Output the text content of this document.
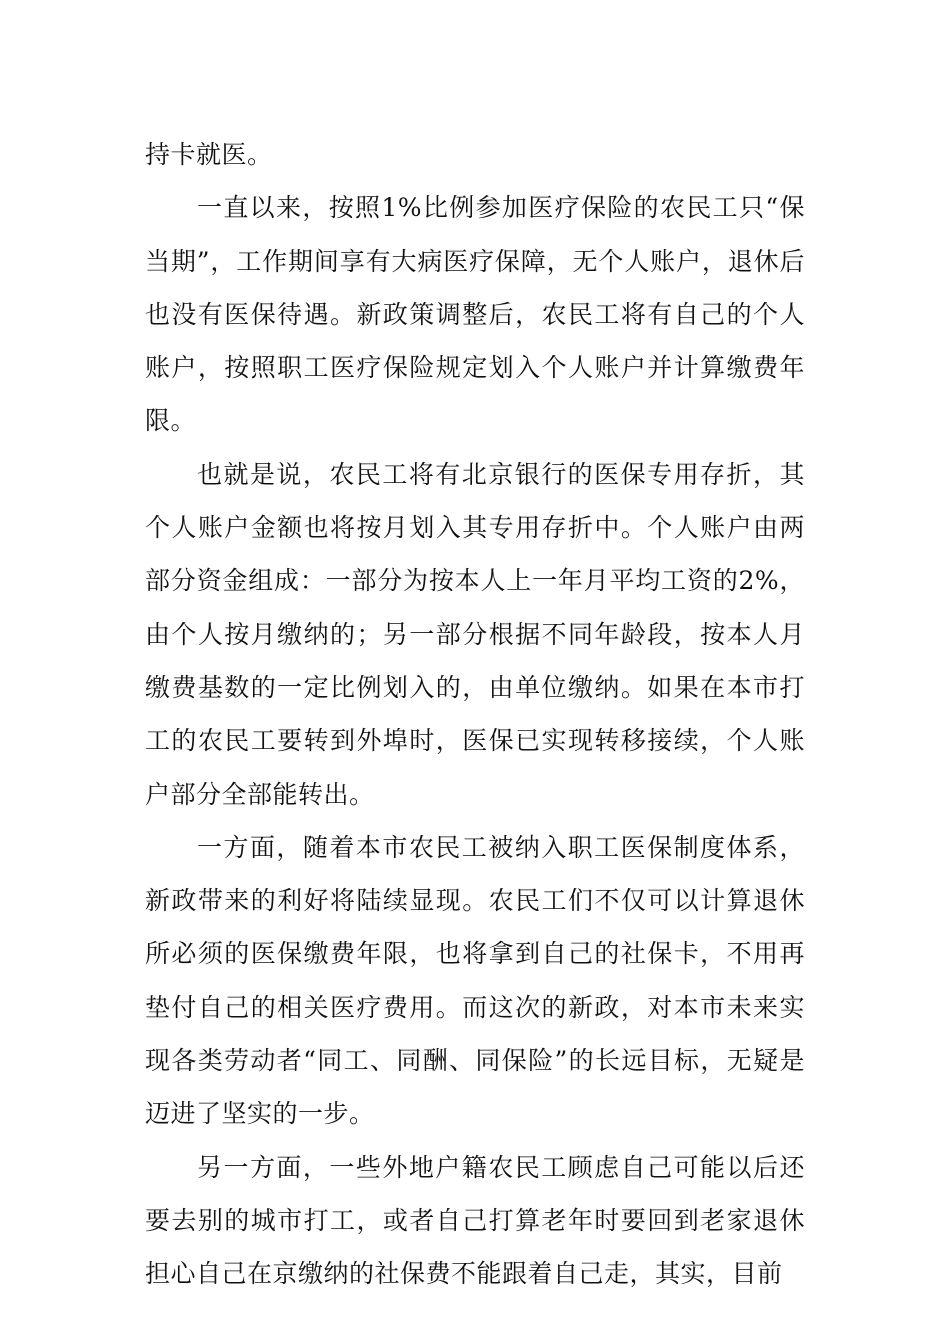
持卡就医。

一直以来，按照1%比例参加医疗保险的农民工只“保当期”，工作期间享有大病医疗保障，无个人账户，退休后也没有医保待遇。新政策调整后，农民工将有自己的个人账户，按照职工医疗保险规定划入个人账户并计算缴费年限。

也就是说，农民工将有北京银行的医保专用存折，其个人账户金额也将按月划入其专用存折中。个人账户由两部分资金组成：一部分为按本人上一年月平均工资的2%，由个人按月缴纳的；另一部分根据不同年龄段，按本人月缴费基数的一定比例划入的，由单位缴纳。如果在本市打工的农民工要转到外埠时，医保已实现转移接续，个人账户部分全部能转出。

一方面，随着本市农民工被纳入职工医保制度体系，新政带来的利好将陆续显现。农民工们不仅可以计算退休所必须的医保缴费年限，也将拿到自己的社保卡，不用再垫付自己的相关医疗费用。而这次的新政，对本市未来实现各类劳动者“同工、同酬、同保险”的长远目标，无疑是迈进了坚实的一步。

另一方面，一些外地户籍农民工顾虑自己可能以后还要去别的城市打工，或者自己打算老年时要回到老家退休担心自己在京缴纳的社保费不能跟着自己走，其实，目前
